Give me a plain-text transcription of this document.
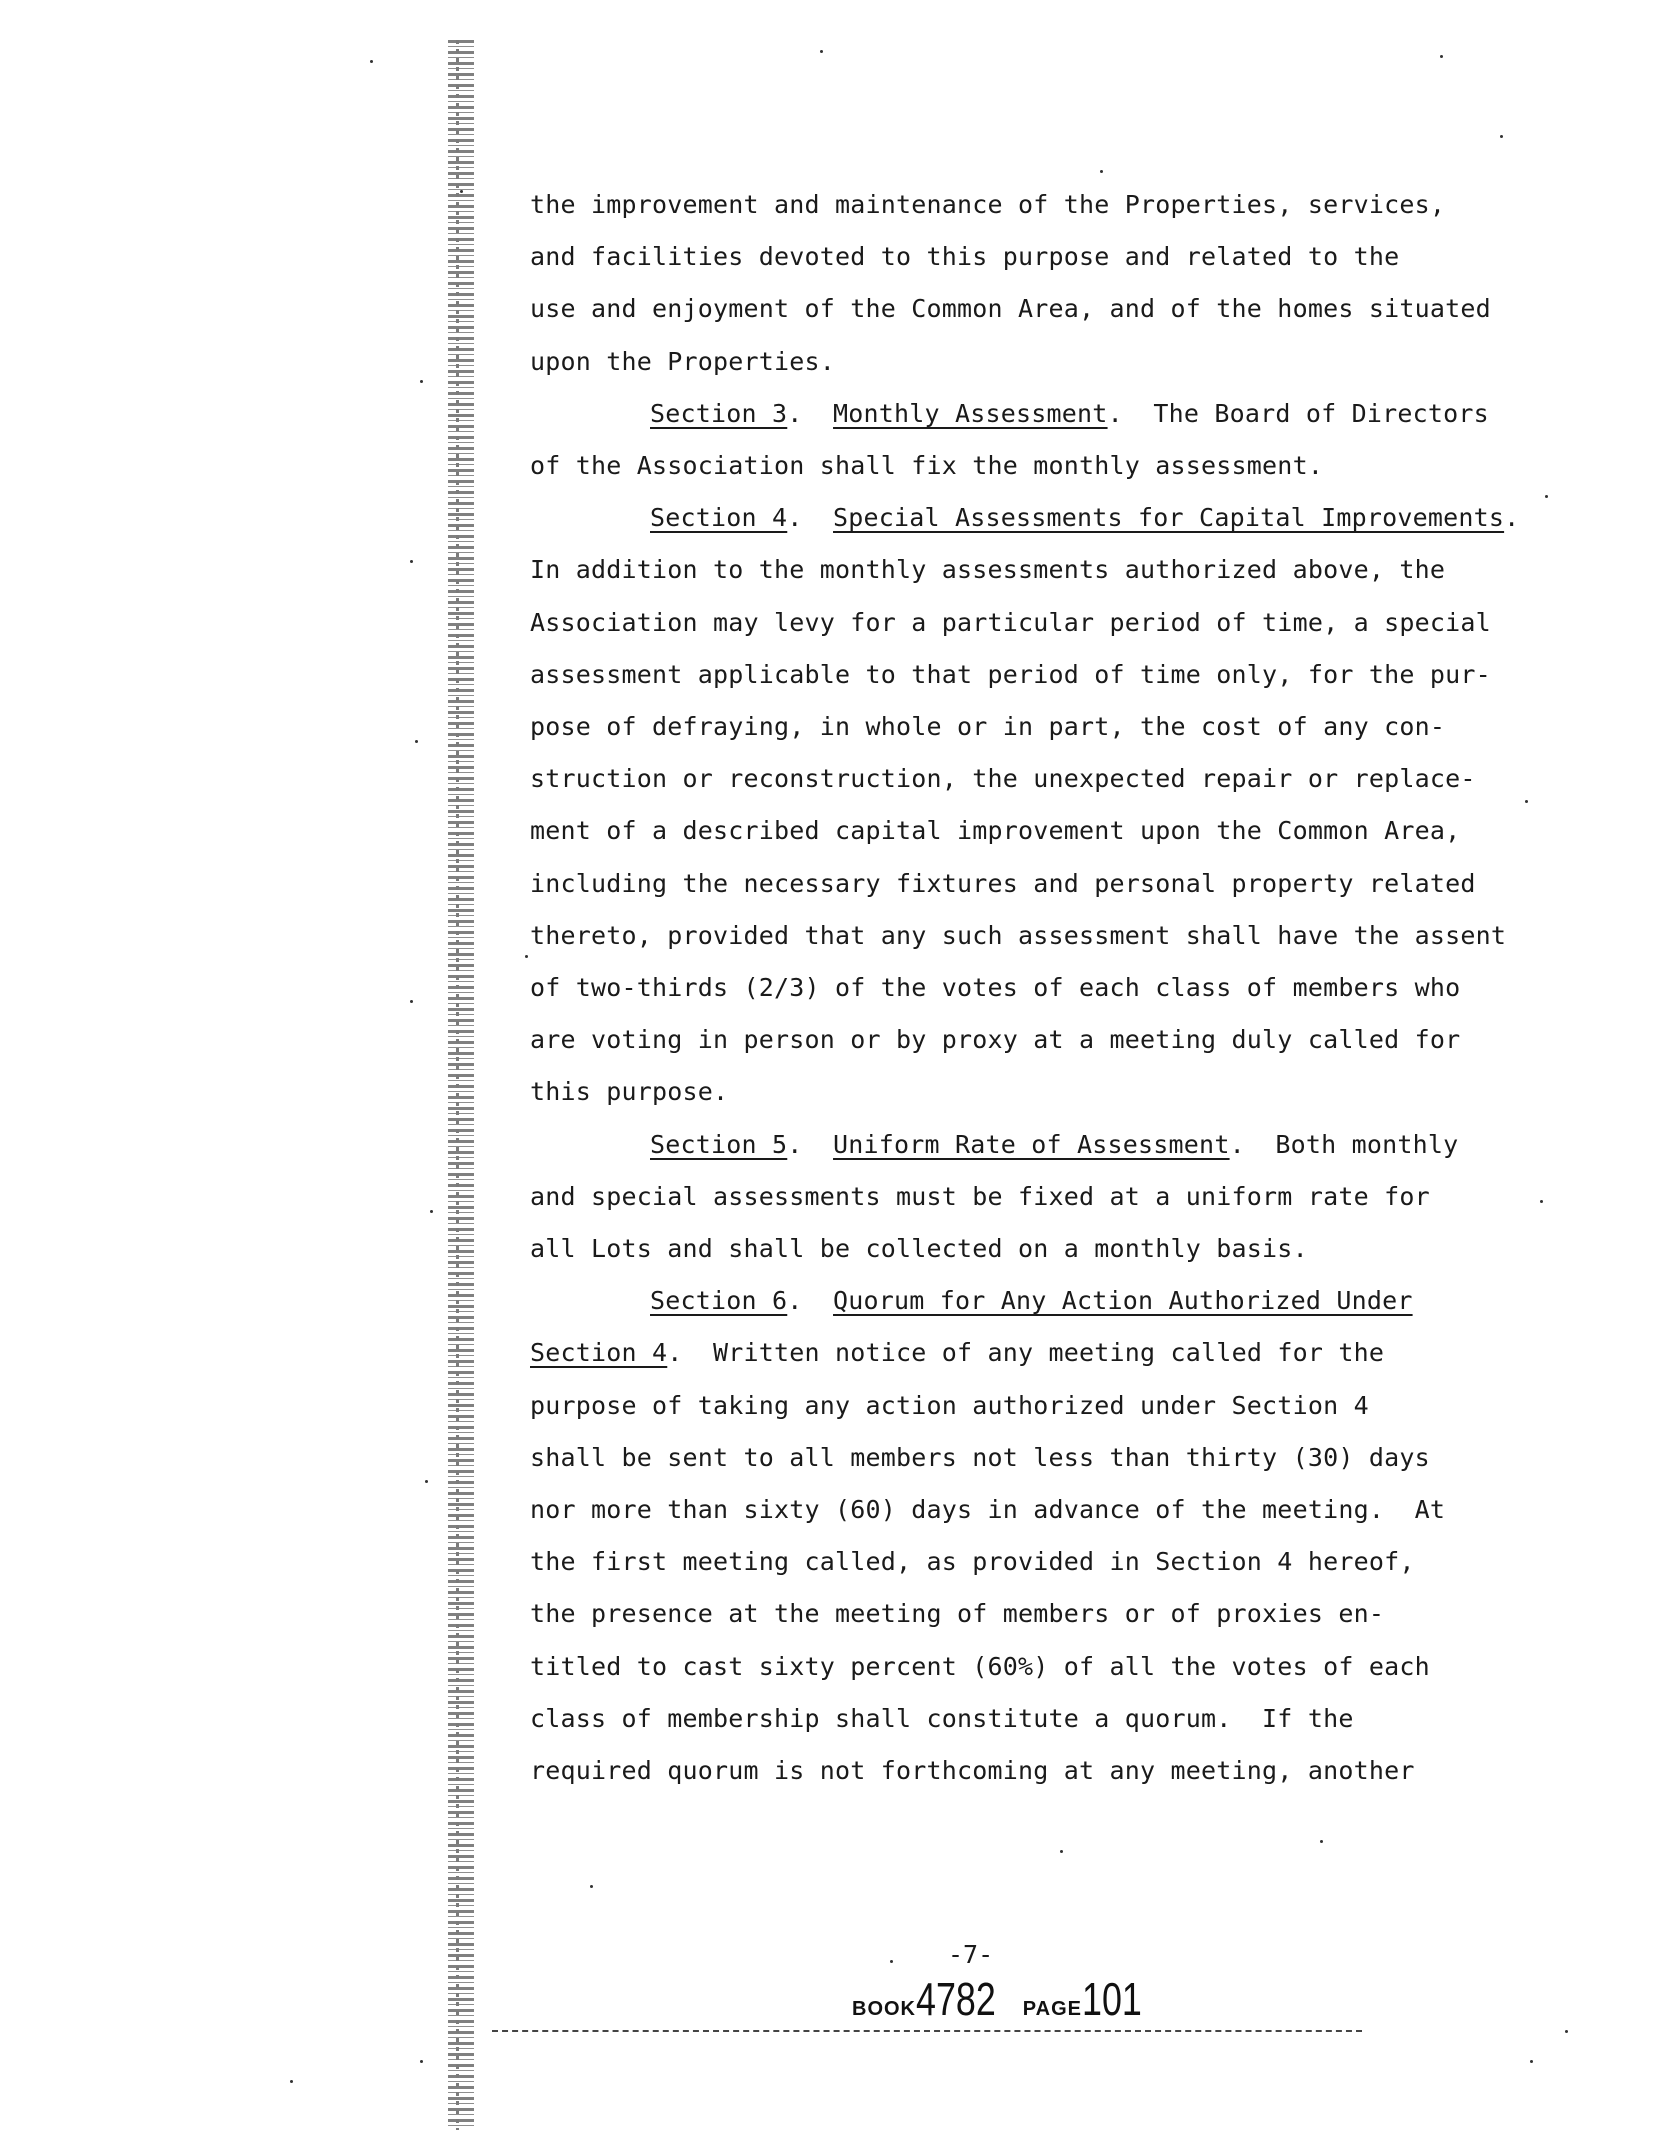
the improvement and maintenance of the Properties, services,
and facilities devoted to this purpose and related to the
use and enjoyment of the Common Area, and of the homes situated
upon the Properties.
Section 3.  Monthly Assessment.  The Board of Directors
of the Association shall fix the monthly assessment.
Section 4.  Special Assessments for Capital Improvements.
In addition to the monthly assessments authorized above, the
Association may levy for a particular period of time, a special
assessment applicable to that period of time only, for the pur-
pose of defraying, in whole or in part, the cost of any con-
struction or reconstruction, the unexpected repair or replace-
ment of a described capital improvement upon the Common Area,
including the necessary fixtures and personal property related
thereto, provided that any such assessment shall have the assent
of two-thirds (2/3) of the votes of each class of members who
are voting in person or by proxy at a meeting duly called for
this purpose.
Section 5.  Uniform Rate of Assessment.  Both monthly
and special assessments must be fixed at a uniform rate for
all Lots and shall be collected on a monthly basis.
Section 6.  Quorum for Any Action Authorized Under
Section 4.  Written notice of any meeting called for the
purpose of taking any action authorized under Section 4
shall be sent to all members not less than thirty (30) days
nor more than sixty (60) days in advance of the meeting.  At
the first meeting called, as provided in Section 4 hereof,
the presence at the meeting of members or of proxies en-
titled to cast sixty percent (60%) of all the votes of each
class of membership shall constitute a quorum.  If the
required quorum is not forthcoming at any meeting, another
-7-
BOOK4782 PAGE101
